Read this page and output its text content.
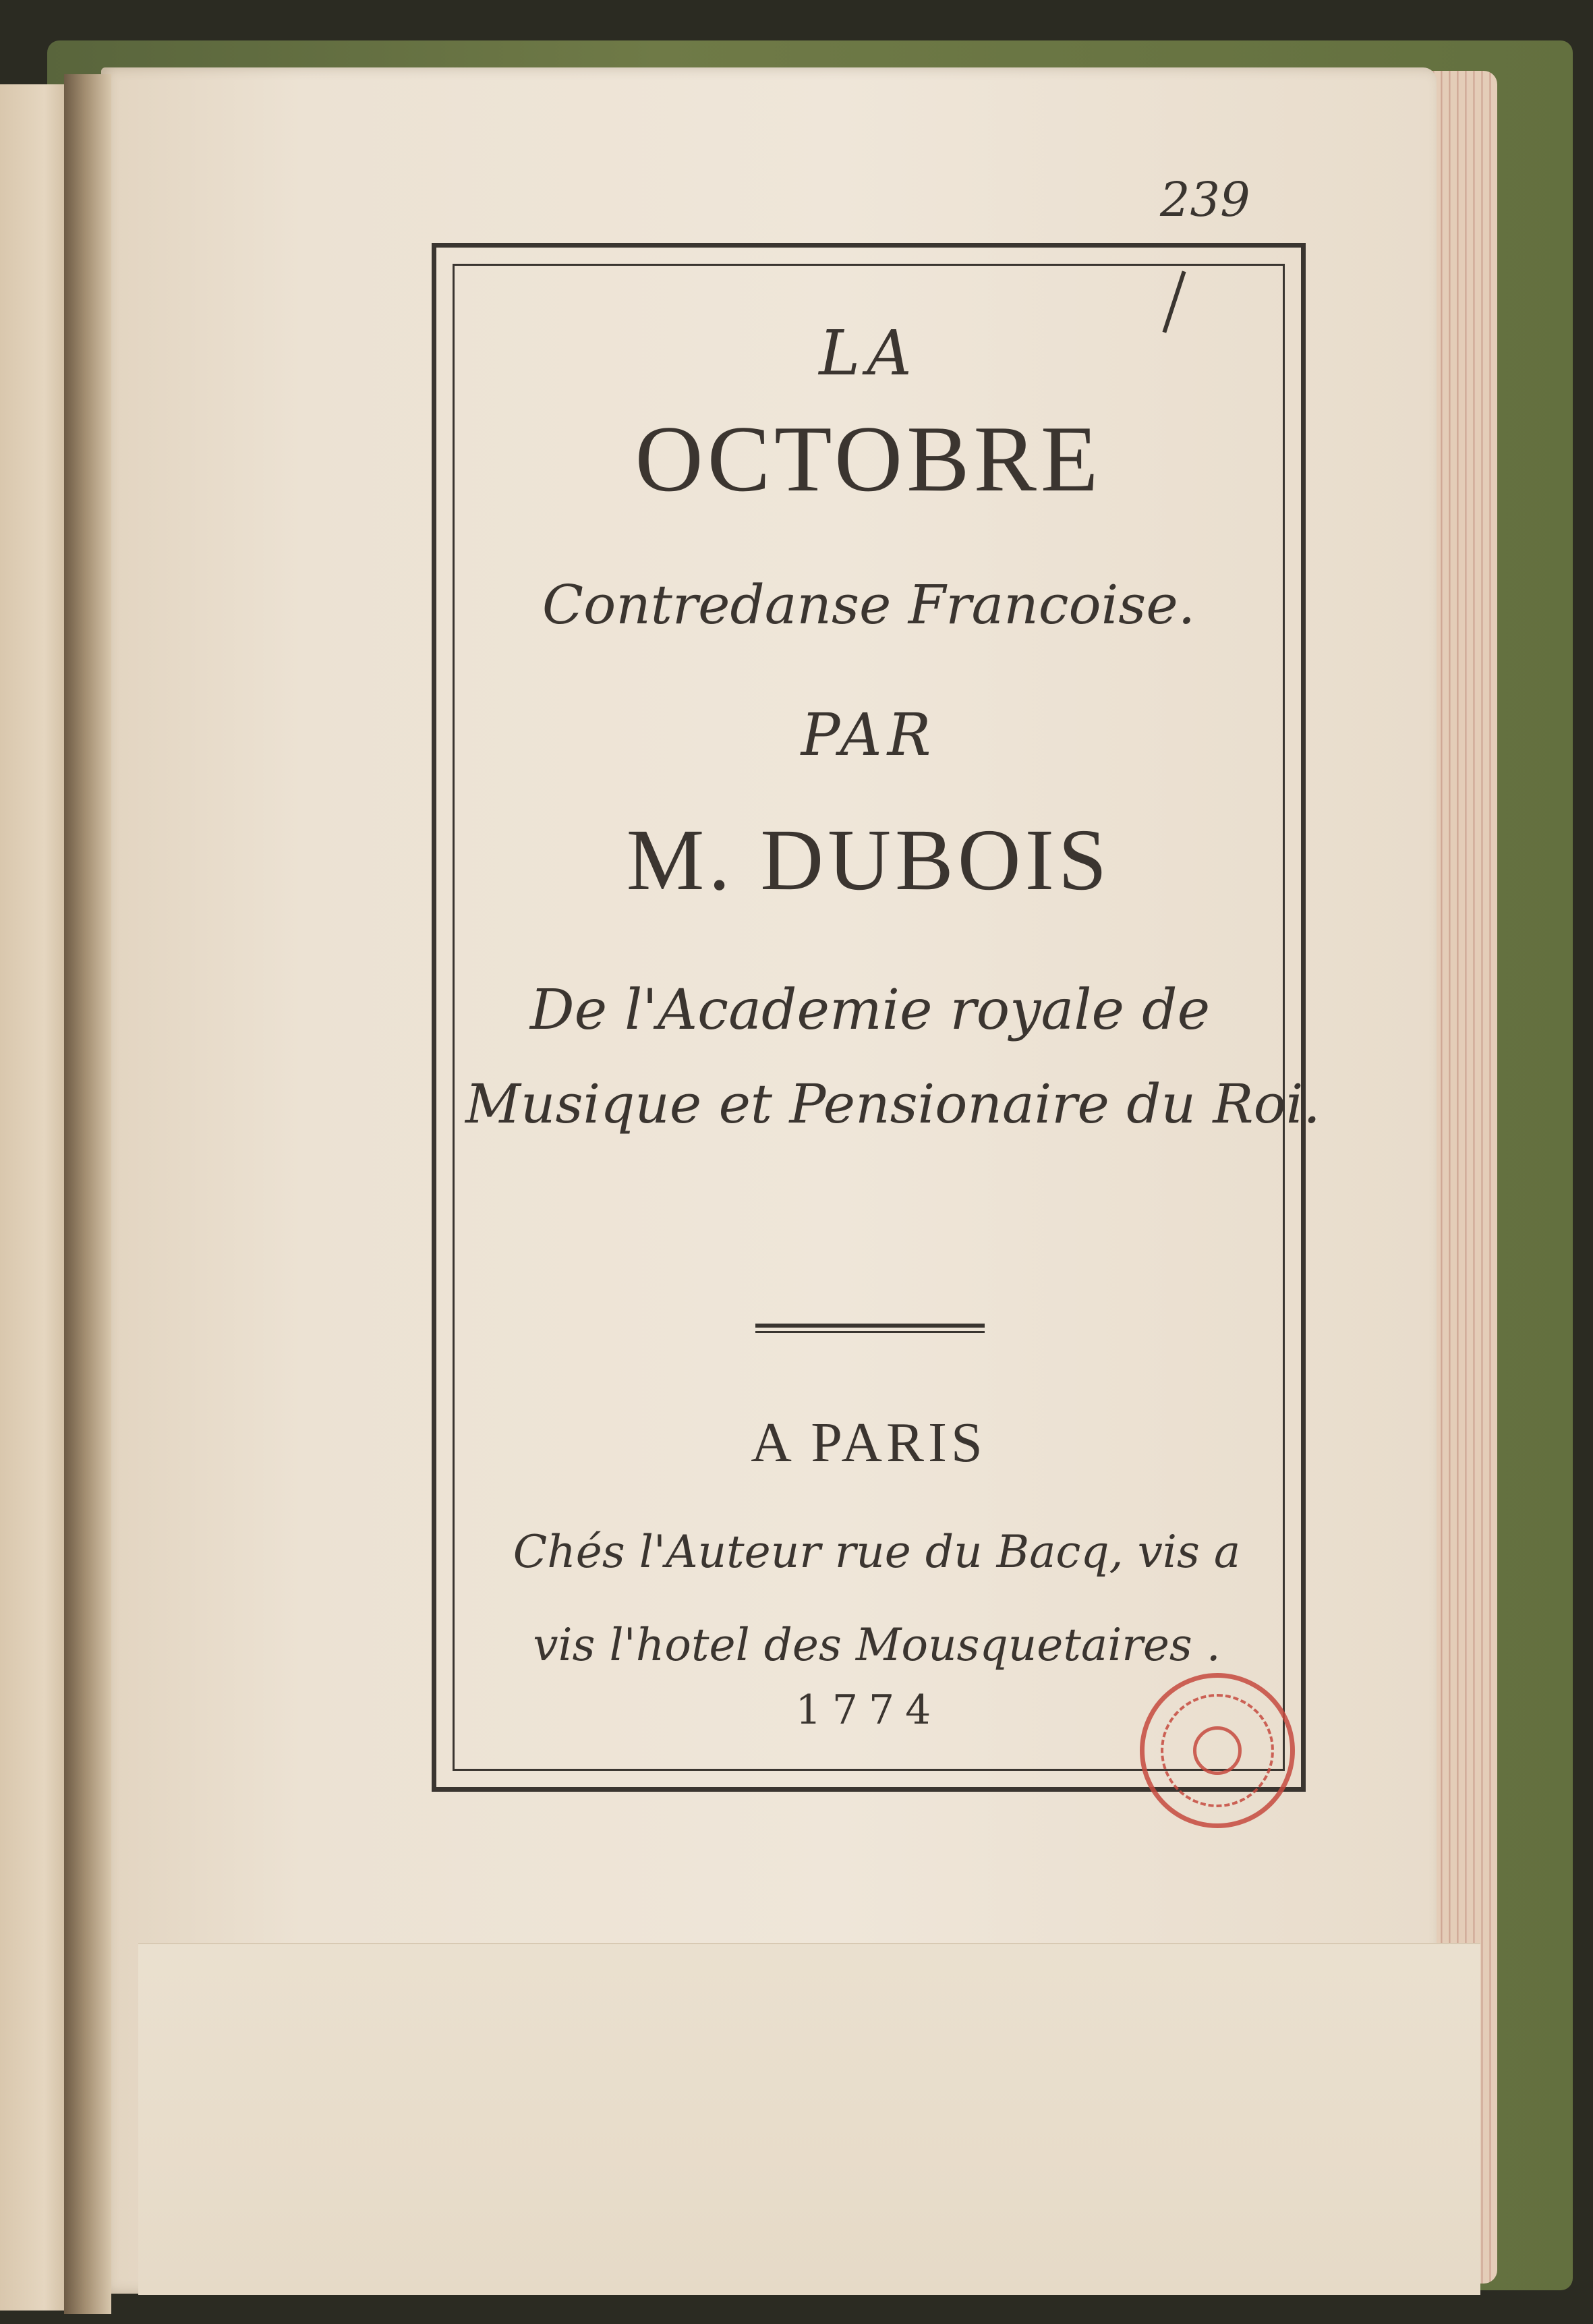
239
LA
OCTOBRE
Contredanse Francoise.
PAR
M. DUBOIS
De l'Academie royale de
Musique et Pensionaire du Roi.
A PARIS
Chés l'Auteur rue du Bacq, vis a
vis l'hotel des Mousquetaires .
1774
